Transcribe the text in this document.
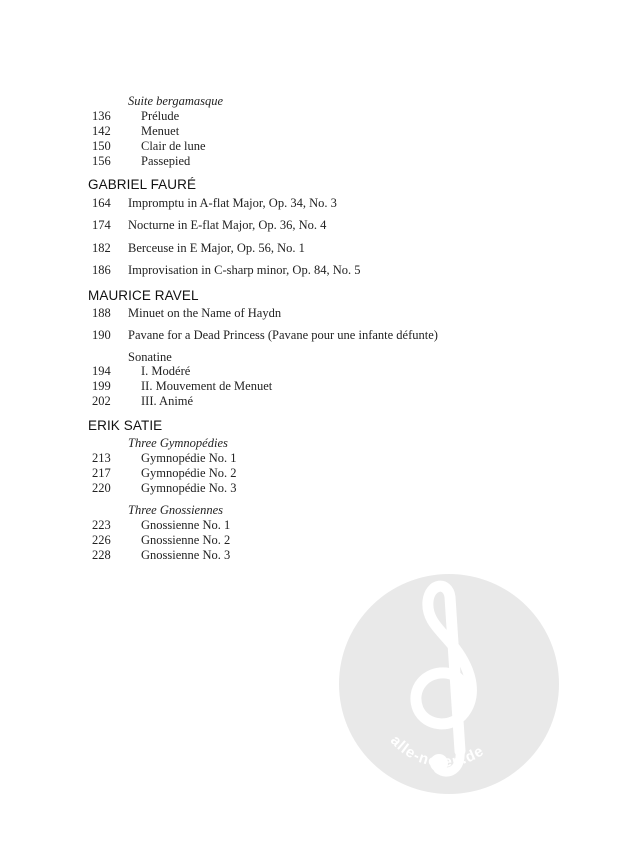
Suite bergamasque
136	Prélude
142	Menuet
150	Clair de lune
156	Passepied
GABRIEL FAURÉ
164	Impromptu in A-flat Major, Op. 34, No. 3
174	Nocturne in E-flat Major, Op. 36, No. 4
182	Berceuse in E Major, Op. 56, No. 1
186	Improvisation in C-sharp minor, Op. 84, No. 5
MAURICE RAVEL
188	Minuet on the Name of Haydn
190	Pavane for a Dead Princess (Pavane pour une infante défunte)
Sonatine
194	I. Modéré
199	II. Mouvement de Menuet
202	III. Animé
ERIK SATIE
Three Gymnopédies
213	Gymnopédie No. 1
217	Gymnopédie No. 2
220	Gymnopédie No. 3
Three Gnossiennes
223	Gnossienne No. 1
226	Gnossienne No. 2
228	Gnossienne No. 3
alle-noten.de
